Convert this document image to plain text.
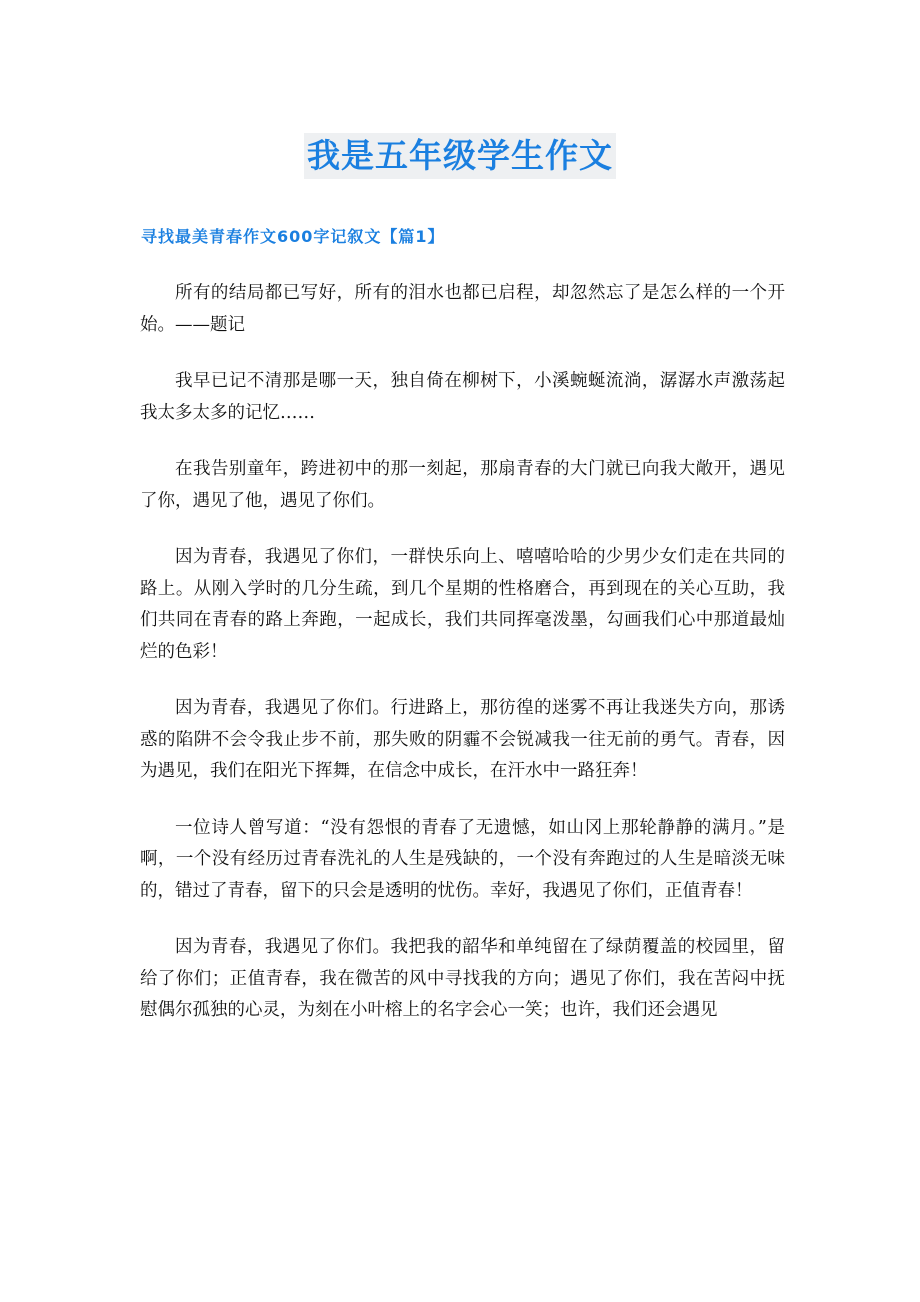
我是五年级学生作文
寻找最美青春作文600字记叙文【篇1】

所有的结局都已写好，所有的泪水也都已启程，却忽然忘了是怎么样的一个开始。——题记

我早已记不清那是哪一天，独自倚在柳树下，小溪蜿蜒流淌，潺潺水声激荡起我太多太多的记忆……

在我告别童年，跨进初中的那一刻起，那扇青春的大门就已向我大敞开，遇见了你，遇见了他，遇见了你们。

因为青春，我遇见了你们，一群快乐向上、嘻嘻哈哈的少男少女们走在共同的路上。从刚入学时的几分生疏，到几个星期的性格磨合，再到现在的关心互助，我们共同在青春的路上奔跑，一起成长，我们共同挥毫泼墨，勾画我们心中那道最灿烂的色彩！

因为青春，我遇见了你们。行进路上，那彷徨的迷雾不再让我迷失方向，那诱惑的陷阱不会令我止步不前，那失败的阴霾不会锐减我一往无前的勇气。青春，因为遇见，我们在阳光下挥舞，在信念中成长，在汗水中一路狂奔！

一位诗人曾写道：“没有怨恨的青春了无遗憾，如山冈上那轮静静的满月。”是啊，一个没有经历过青春洗礼的人生是残缺的，一个没有奔跑过的人生是暗淡无味的，错过了青春，留下的只会是透明的忧伤。幸好，我遇见了你们，正值青春！

因为青春，我遇见了你们。我把我的韶华和单纯留在了绿荫覆盖的校园里，留给了你们；正值青春，我在微苦的风中寻找我的方向；遇见了你们，我在苦闷中抚慰偶尔孤独的心灵，为刻在小叶榕上的名字会心一笑；也许，我们还会遇见
